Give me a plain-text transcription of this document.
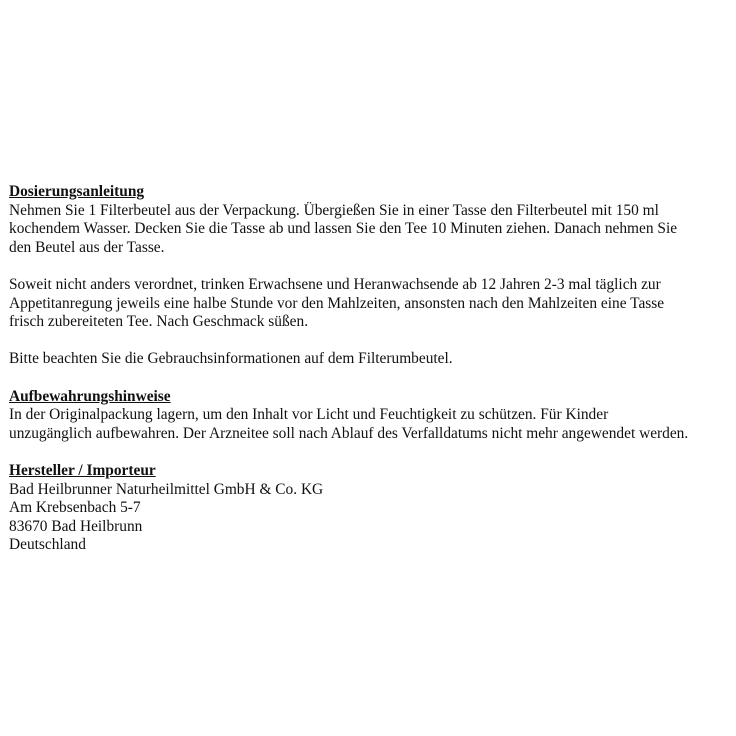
Dosierungsanleitung
Nehmen Sie 1 Filterbeutel aus der Verpackung. Übergießen Sie in einer Tasse den Filterbeutel mit 150 ml
kochendem Wasser. Decken Sie die Tasse ab und lassen Sie den Tee 10 Minuten ziehen. Danach nehmen Sie
den Beutel aus der Tasse.
Soweit nicht anders verordnet, trinken Erwachsene und Heranwachsende ab 12 Jahren 2-3 mal täglich zur
Appetitanregung jeweils eine halbe Stunde vor den Mahlzeiten, ansonsten nach den Mahlzeiten eine Tasse
frisch zubereiteten Tee. Nach Geschmack süßen.
Bitte beachten Sie die Gebrauchsinformationen auf dem Filterumbeutel.
Aufbewahrungshinweise
In der Originalpackung lagern, um den Inhalt vor Licht und Feuchtigkeit zu schützen. Für Kinder
unzugänglich aufbewahren. Der Arzneitee soll nach Ablauf des Verfalldatums nicht mehr angewendet werden.
Hersteller / Importeur
Bad Heilbrunner Naturheilmittel GmbH & Co. KG
Am Krebsenbach 5-7
83670 Bad Heilbrunn
Deutschland
